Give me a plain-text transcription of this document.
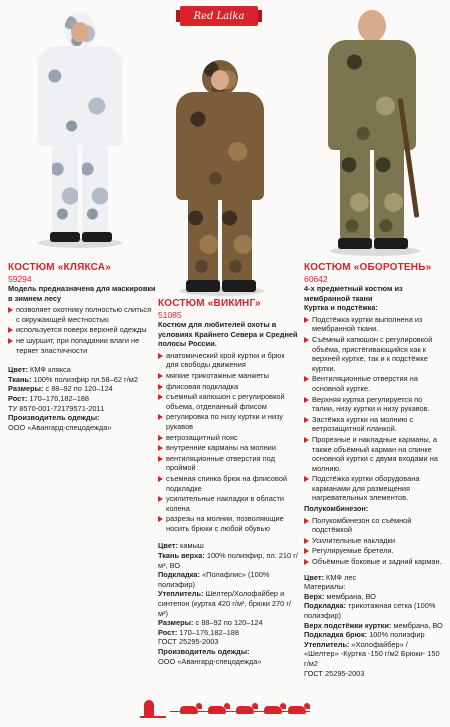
Red Laika
КОСТЮМ «КЛЯКСА»
59294
Модель предназначена для маскировки в зимнем лесу
позволяет охотнику полностью слиться с окружающей местностью
используется поверх верхней одежды
не шуршит, при попадании влаги не теряет эластичности
Цвет: КМФ клякса
Ткань: 100% полиэфир пл.58–62 г/м2
Размеры: с 88–92 по 120–124
Рост: 170–176,182–188
ТУ 8570-001-72179571-2011
Производитель одежды:
ООО «Авангард-спецодежда»
КОСТЮМ «ВИКИНГ»
51085
Костюм для любителей охоты в условиях Крайнего Севера и Средней полосы России.
анатомический крой куртки и брюк для свободы движения
мягкие трикотажные манжеты
флисовая подкладка
съемный капюшон с регулировкой объема, отделанный флисом
регулировка по низу куртки и низу рукавов
ветрозащитный пояс
внутренние карманы на молнии
вентиляционные отверстия под проймой
съемная спинка брюк на флисовой подкладке
усилительные накладки в области колена
разрезы на молнии, позволяющие носить брюки с любой обувью
Цвет: камыш
Ткань верха: 100% полиэфир, пл. 210 г/м², ВО
Подкладка: «Полафлис» (100% полиэфир)
Утеплитель: Шелтер/Холофайбер и синтепон (куртка 420 г/м², брюки 270 г/м²)
Размеры: с 88–92 по 120–124
Рост: 170–176,182–188
ГОСТ 25295-2003
Производитель одежды:
ООО «Авангард-спецодежда»
КОСТЮМ «ОБОРОТЕНЬ»
60642
4-х предметный костюм из мембранной ткани
Куртка и подстёжка:
Подстёжка куртки выполнена из мембранной ткани.
Съёмный капюшон с регулировкой объёма, пристёгивающийся как к верхней куртке, так и к подстёжке куртки.
Вентиляционные отверстия на основной куртке.
Верхняя куртка регулируется по талии, низу куртки и низу рукавов.
Застёжка куртки на молнию с ветрозащитной планкой.
Прорезные и накладные карманы, а также объёмный карман на спинке основной куртки с двумя входами на молнию.
Подстёжка куртки оборудована карманами для размещения нагревательных элементов.
Полукомбинезон:
Полукомбинезон со съёмной подстёжкой
Усилительные накладки
Регулируемые бретели.
Объёмные боковые и задний карман.
Цвет: КМФ лес
Материалы:
Верх: мембрана, ВО
Подкладка: трикотажная сетка (100% полиэфир)
Верх подстёжки куртки: мембрана, ВО
Подкладка брюк: 100% полиэфир
Утеплитель: «Холофайбер» / «Шелтер» -Куртка -150 г/м2 Брюки- 150 г/м2
ГОСТ 25295-2003
